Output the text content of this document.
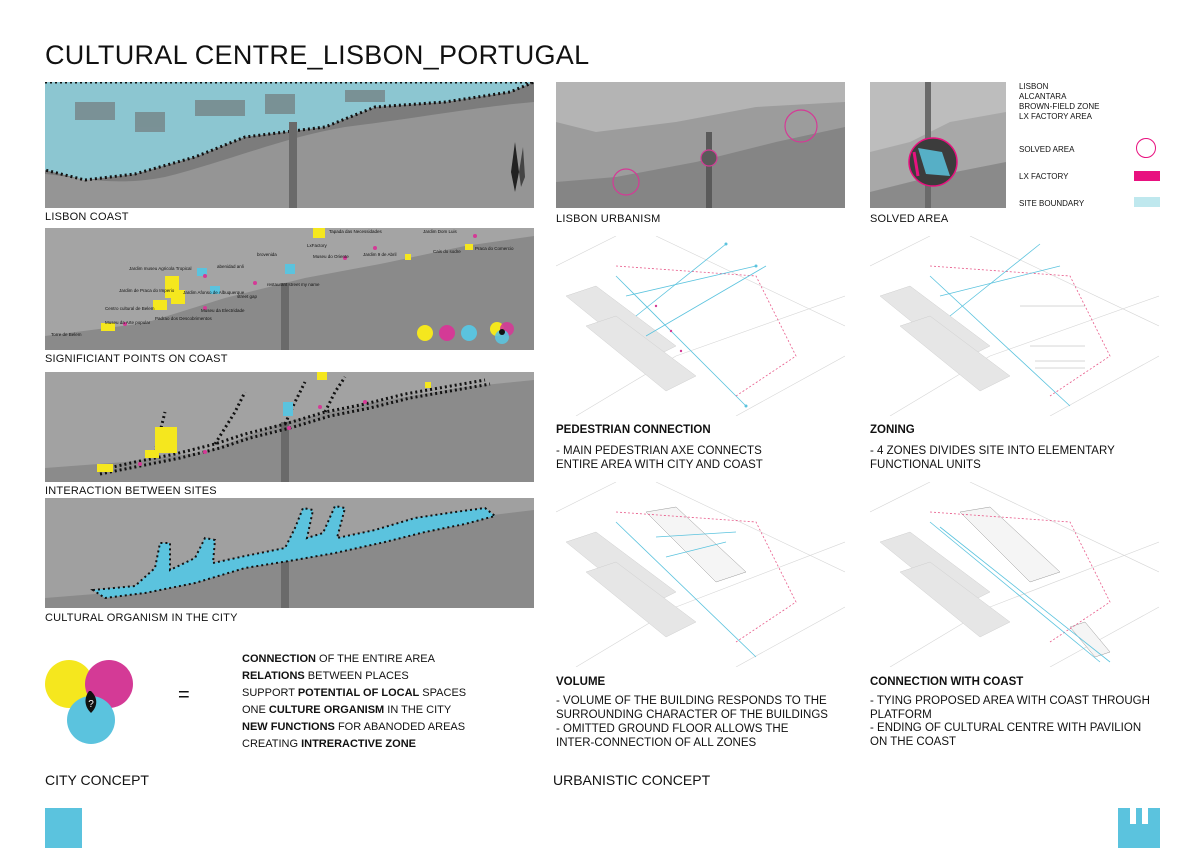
CULTURAL CENTRE_LISBON_PORTUGAL
LISBON COAST
Tapada das Necessidades	Jardim Dom Luis
Jardim 9 de Abril
Cais do sodre
Praca do Comercio
Museu do Oriente
LxFactory
brovenida
abenidad anli
Jardim museu Agricola Tropical
Jardim de Praca do Imperio Jardim Afonso de Albuquerque
Centro cultural de Belem
Museu da Arte popular
Padrao dos Descobrimentos
Museu da Electridade
street gap
restaurant street my name
Torre de Belem
SIGNIFICIANT POINTS ON COAST
INTERACTION BETWEEN SITES
CULTURAL ORGANISM IN THE CITY
LISBON URBANISM	SOLVED AREA
LISBON
ALCANTARA
BROWN-FIELD ZONE
LX FACTORY AREA
SOLVED AREA
LX FACTORY
SITE BOUNDARY
PEDESTRIAN CONNECTION
- MAIN PEDESTRIAN AXE CONNECTS ENTIRE AREA WITH CITY AND COAST
ZONING
- 4 ZONES DIVIDES SITE INTO ELEMENTARY FUNCTIONAL UNITS
VOLUME
- VOLUME OF THE BUILDING RESPONDS TO THE SURROUNDING CHARACTER OF THE BUILDINGS
- OMITTED GROUND FLOOR ALLOWS THE INTER-CONNECTION OF ALL ZONES
CONNECTION WITH COAST
- TYING PROPOSED AREA WITH COAST THROUGH PLATFORM
- ENDING OF CULTURAL CENTRE WITH PAVILION ON THE COAST
?	=
CONNECTION OF THE ENTIRE AREA
RELATIONS BETWEEN PLACES
SUPPORT POTENTIAL OF LOCAL SPACES
ONE CULTURE ORGANISM IN THE CITY
NEW FUNCTIONS FOR ABANODED AREAS
CREATING INTRERACTIVE ZONE
CITY CONCEPT	URBANISTIC CONCEPT
